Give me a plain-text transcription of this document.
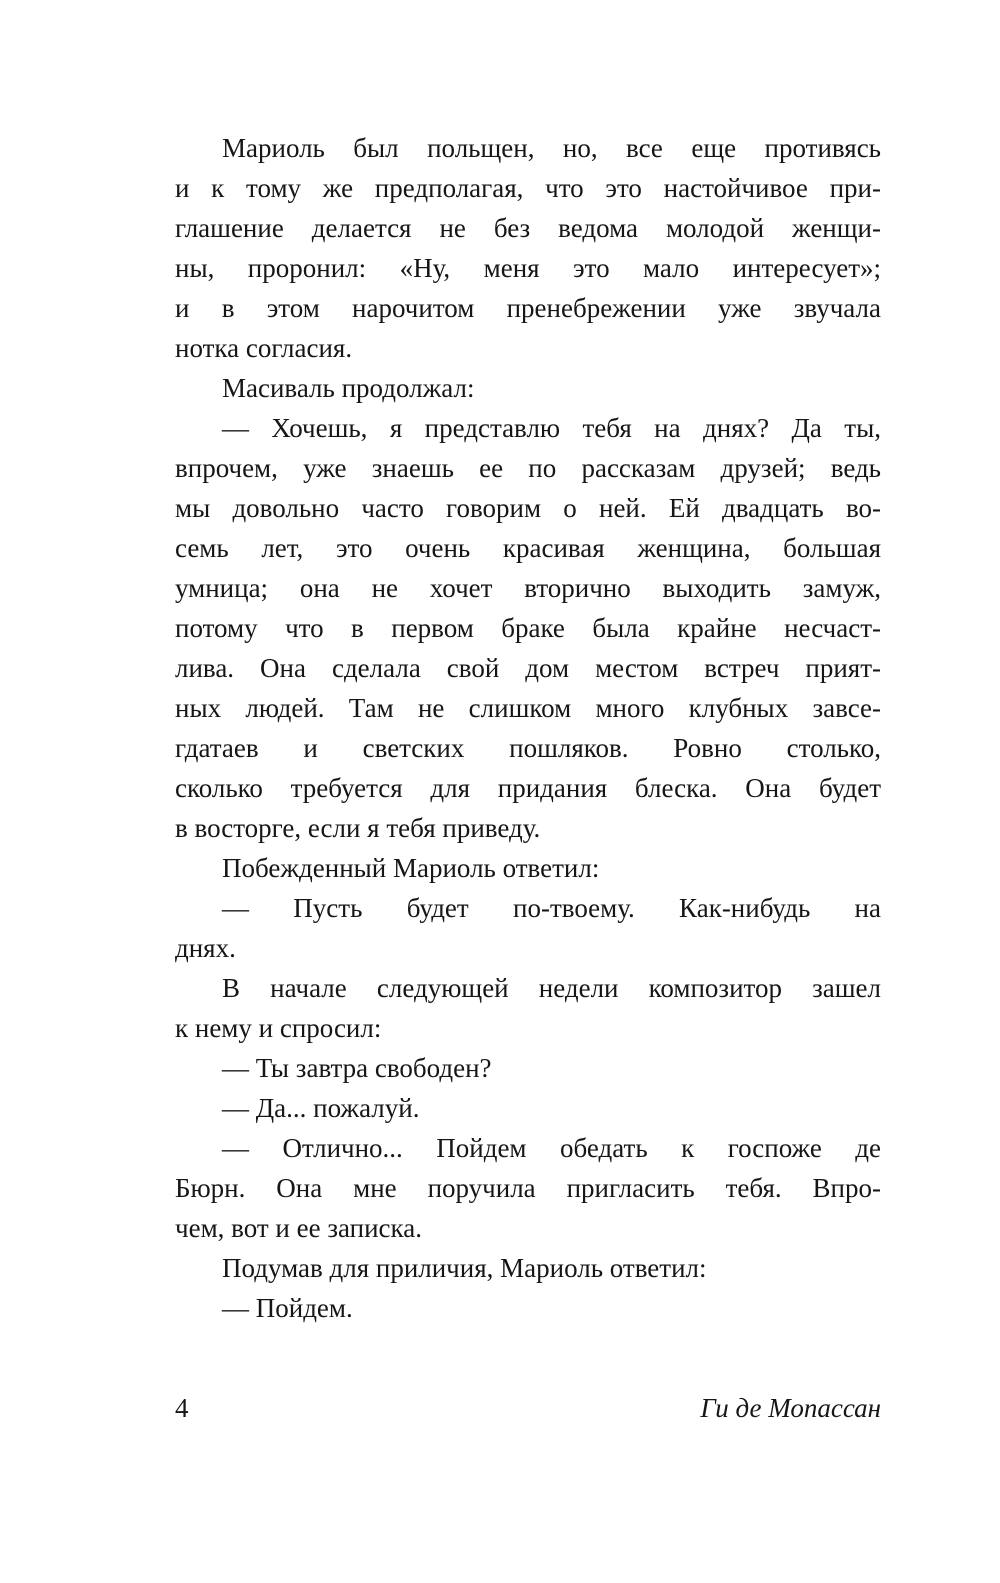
Мариоль был польщен, но, все еще противясь
и к тому же предполагая, что это настойчивое при-
глашение делается не без ведома молодой женщи-
ны, проронил: «Ну, меня это мало интересует»;
и в этом нарочитом пренебрежении уже звучала
нотка согласия.

Масиваль продолжал:

— Хочешь, я представлю тебя на днях? Да ты,
впрочем, уже знаешь ее по рассказам друзей; ведь
мы довольно часто говорим о ней. Ей двадцать во-
семь лет, это очень красивая женщина, большая
умница; она не хочет вторично выходить замуж,
потому что в первом браке была крайне несчаст-
лива. Она сделала свой дом местом встреч прият-
ных людей. Там не слишком много клубных завсе-
гдатаев и светских пошляков. Ровно столько,
сколько требуется для придания блеска. Она будет
в восторге, если я тебя приведу.

Побежденный Мариоль ответил:

— Пусть будет по-твоему. Как-нибудь на
днях.

В начале следующей недели композитор зашел
к нему и спросил:

— Ты завтра свободен?

— Да... пожалуй.

— Отлично... Пойдем обедать к госпоже де
Бюрн. Она мне поручила пригласить тебя. Впро-
чем, вот и ее записка.

Подумав для приличия, Мариоль ответил:

— Пойдем.

4	Ги де Мопассан
